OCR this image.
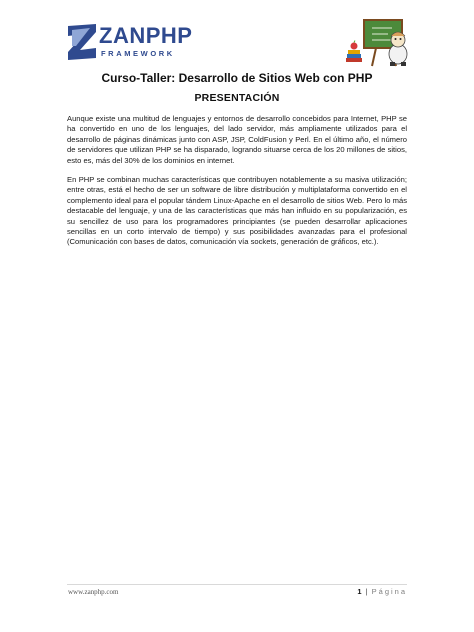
ZANPHP
FRAMEWORK
Curso-Taller: Desarrollo de Sitios Web con PHP
PRESENTACIÓN

Aunque existe una multitud de lenguajes y entornos de desarrollo concebidos para Internet, PHP se ha convertido en uno de los lenguajes, del lado servidor, más ampliamente utilizados para el desarrollo de páginas dinámicas junto con ASP, JSP, ColdFusion y Perl. En el último año, el número de servidores que utilizan PHP se ha disparado, logrando situarse cerca de los 20 millones de sitios, esto es, más del 30% de los dominios en internet.

En PHP se combinan muchas características que contribuyen notablemente a su masiva utilización; entre otras, está el hecho de ser un software de libre distribución y multiplataforma convertido en el complemento ideal para el popular tándem Linux-Apache en el desarrollo de sitios Web. Pero lo más destacable del lenguaje, y una de las características que más han influido en su popularización, es su sencillez de uso para los programadores principiantes (se pueden desarrollar aplicaciones sencillas en un corto intervalo de tiempo) y sus posibilidades avanzadas para el profesional (Comunicación con bases de datos, comunicación vía sockets, generación de gráficos, etc.).

www.zanphp.com	1 | Página
